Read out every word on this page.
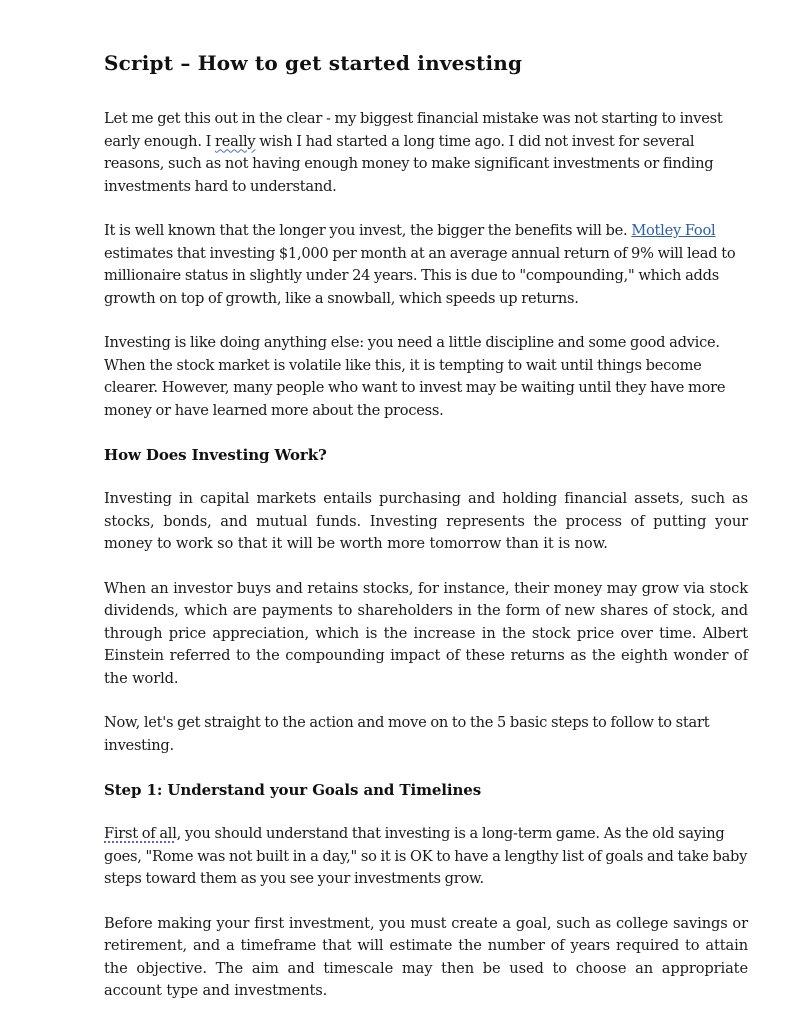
Script – How to get started investing

Let me get this out in the clear - my biggest financial mistake was not starting to invest early enough. I really wish I had started a long time ago. I did not invest for several reasons, such as not having enough money to make significant investments or finding investments hard to understand.

It is well known that the longer you invest, the bigger the benefits will be. Motley Fool estimates that investing $1,000 per month at an average annual return of 9% will lead to millionaire status in slightly under 24 years. This is due to "compounding," which adds growth on top of growth, like a snowball, which speeds up returns.

Investing is like doing anything else: you need a little discipline and some good advice. When the stock market is volatile like this, it is tempting to wait until things become clearer. However, many people who want to invest may be waiting until they have more money or have learned more about the process.

How Does Investing Work?

Investing in capital markets entails purchasing and holding financial assets, such as stocks, bonds, and mutual funds. Investing represents the process of putting your money to work so that it will be worth more tomorrow than it is now.

When an investor buys and retains stocks, for instance, their money may grow via stock dividends, which are payments to shareholders in the form of new shares of stock, and through price appreciation, which is the increase in the stock price over time. Albert Einstein referred to the compounding impact of these returns as the eighth wonder of the world.

Now, let's get straight to the action and move on to the 5 basic steps to follow to start investing.

Step 1: Understand your Goals and Timelines

First of all, you should understand that investing is a long-term game. As the old saying goes, "Rome was not built in a day," so it is OK to have a lengthy list of goals and take baby steps toward them as you see your investments grow.

Before making your first investment, you must create a goal, such as college savings or retirement, and a timeframe that will estimate the number of years required to attain the objective. The aim and timescale may then be used to choose an appropriate account type and investments.
